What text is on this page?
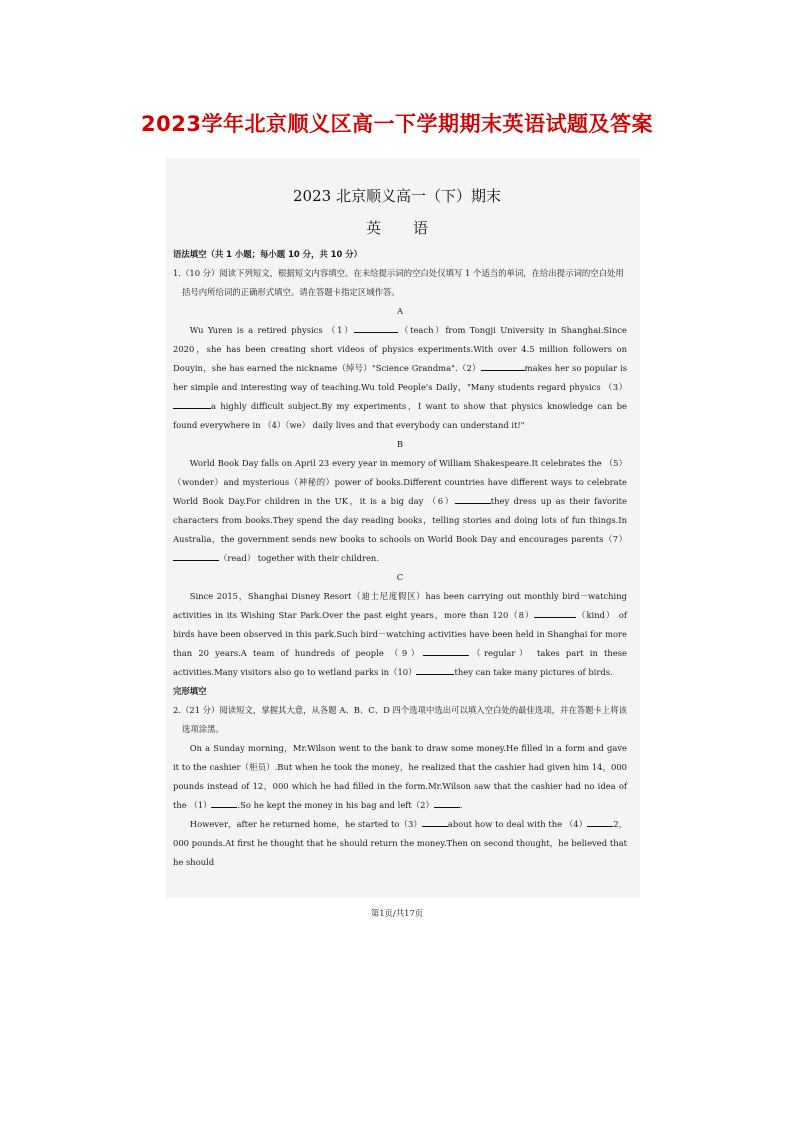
2023学年北京顺义区高一下学期期末英语试题及答案
2023 北京顺义高一（下）期末
英 语
语法填空（共 1 小题；每小题 10 分，共 10 分）
1.（10 分）阅读下列短文，根据短文内容填空。在未给提示词的空白处仅填写 1 个适当的单词，在给出提示词的空白处用括号内所给词的正确形式填空。请在答题卡指定区域作答。
A

Wu Yuren is a retired physics （1）	（teach）from Tongji University in Shanghai.Since 2020，she has been creating short videos of physics experiments.With over 4.5 million followers on Douyin，she has earned the nickname（绰号）"Science Grandma".（2）	makes her so popular is her simple and interesting way of teaching.Wu told People's Daily，"Many students regard physics （3）a highly difficult subject.By my experiments，I want to show that physics knowledge can be found everywhere in （4）（we） daily lives and that everybody can understand it!"

B

World Book Day falls on April 23 every year in memory of William Shakespeare.It celebrates the （5）（wonder）and mysterious（神秘的）power of books.Different countries have different ways to celebrate World Book Day.For children in the UK，it is a big day （6）	they dress up as their favorite characters from books.They spend the day reading books，telling stories and doing lots of fun things.In Australia，the government sends new books to schools on World Book Day and encourages parents（7）（read） together with their children.

C

Since 2015，Shanghai Disney Resort（迪士尼度假区）has been carrying out monthly bird－watching activities in its Wishing Star Park.Over the past eight years，more than 120（8）	（kind） of birds have been observed in this park.Such bird－watching activities have been held in Shanghai for more than 20 years.A team of hundreds of people （9）	（regular） takes part in these activities.Many visitors also go to wetland parks in（10）	they can take many pictures of birds.

完形填空
2.（21 分）阅读短文，掌握其大意，从各题 A、B、C、D 四个选项中选出可以填入空白处的最佳选项，并在答题卡上将该选项涂黑。

On a Sunday morning，Mr.Wilson went to the bank to draw some money.He filled in a form and gave it to the cashier（柜员）.But when he took the money，he realized that the cashier had given him 14，000 pounds instead of 12，000 which he had filled in the form.Mr.Wilson saw that the cashier had no idea of the （1）	.So he kept the money in his bag and left（2）	.

However，after he returned home，he started to（3）	about how to deal with the （4）	2，000 pounds.At first he thought that he should return the money.Then on second thought，he believed that he should

第1页/共17页
